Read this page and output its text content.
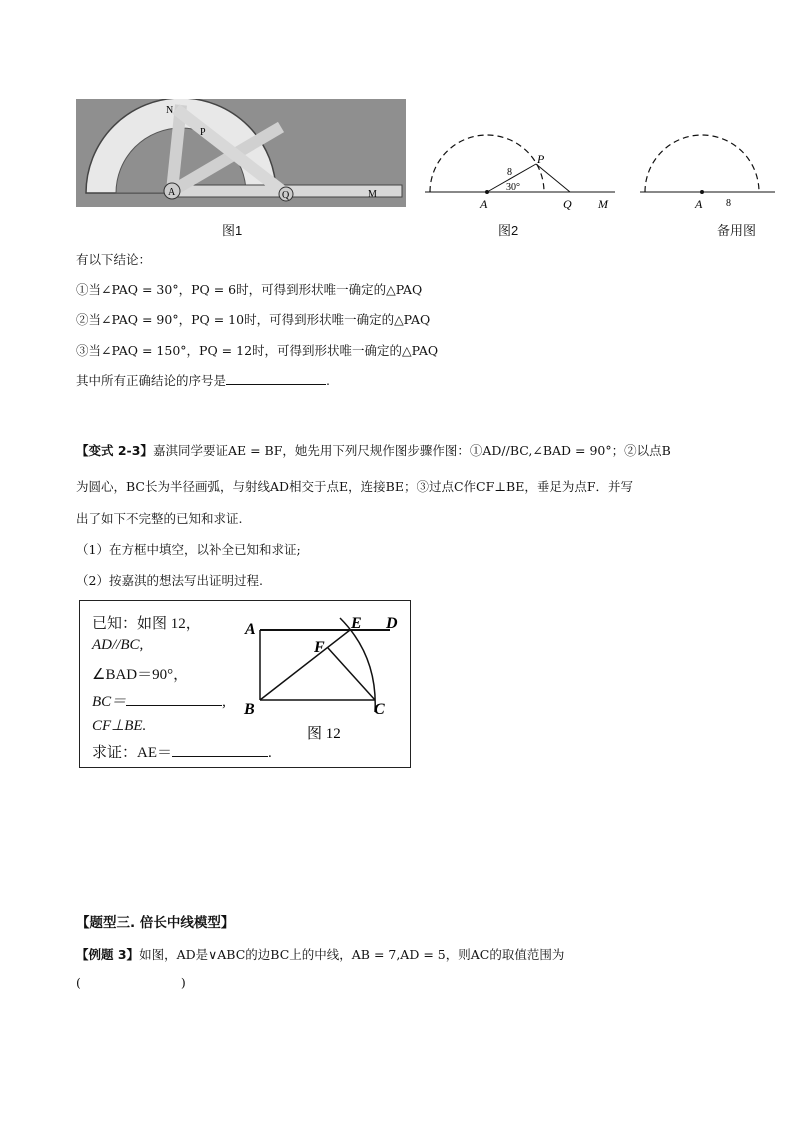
A
N
P
Q	M
图1
A
P
Q M
8
30°
图2
A 8
备用图
有以下结论：
①当∠PAQ = 30°，PQ = 6时，可得到形状唯一确定的△PAQ
②当∠PAQ = 90°，PQ = 10时，可得到形状唯一确定的△PAQ
③当∠PAQ = 150°，PQ = 12时，可得到形状唯一确定的△PAQ
其中所有正确结论的序号是	.
【变式 2-3】嘉淇同学要证AE = BF，她先用下列尺规作图步骤作图：①AD//BC,∠BAD = 90°；②以点B
为圆心，BC长为半径画弧，与射线AD相交于点E，连接BE；③过点C作CF⊥BE，垂足为点F．并写
出了如下不完整的已知和求证.
（1）在方框中填空，以补全已知和求证;
（2）按嘉淇的想法写出证明过程.
已知：如图 12，
AD//BC,
∠BAD＝90°，
BC＝	,
CF⊥BE.
求证：AE＝	.
A
B	C
D
E
F
图 12
【题型三. 倍长中线模型】
【例题 3】如图，AD是∨ABC的边BC上的中线，AB = 7,AD = 5，则AC的取值范围为
(	)
